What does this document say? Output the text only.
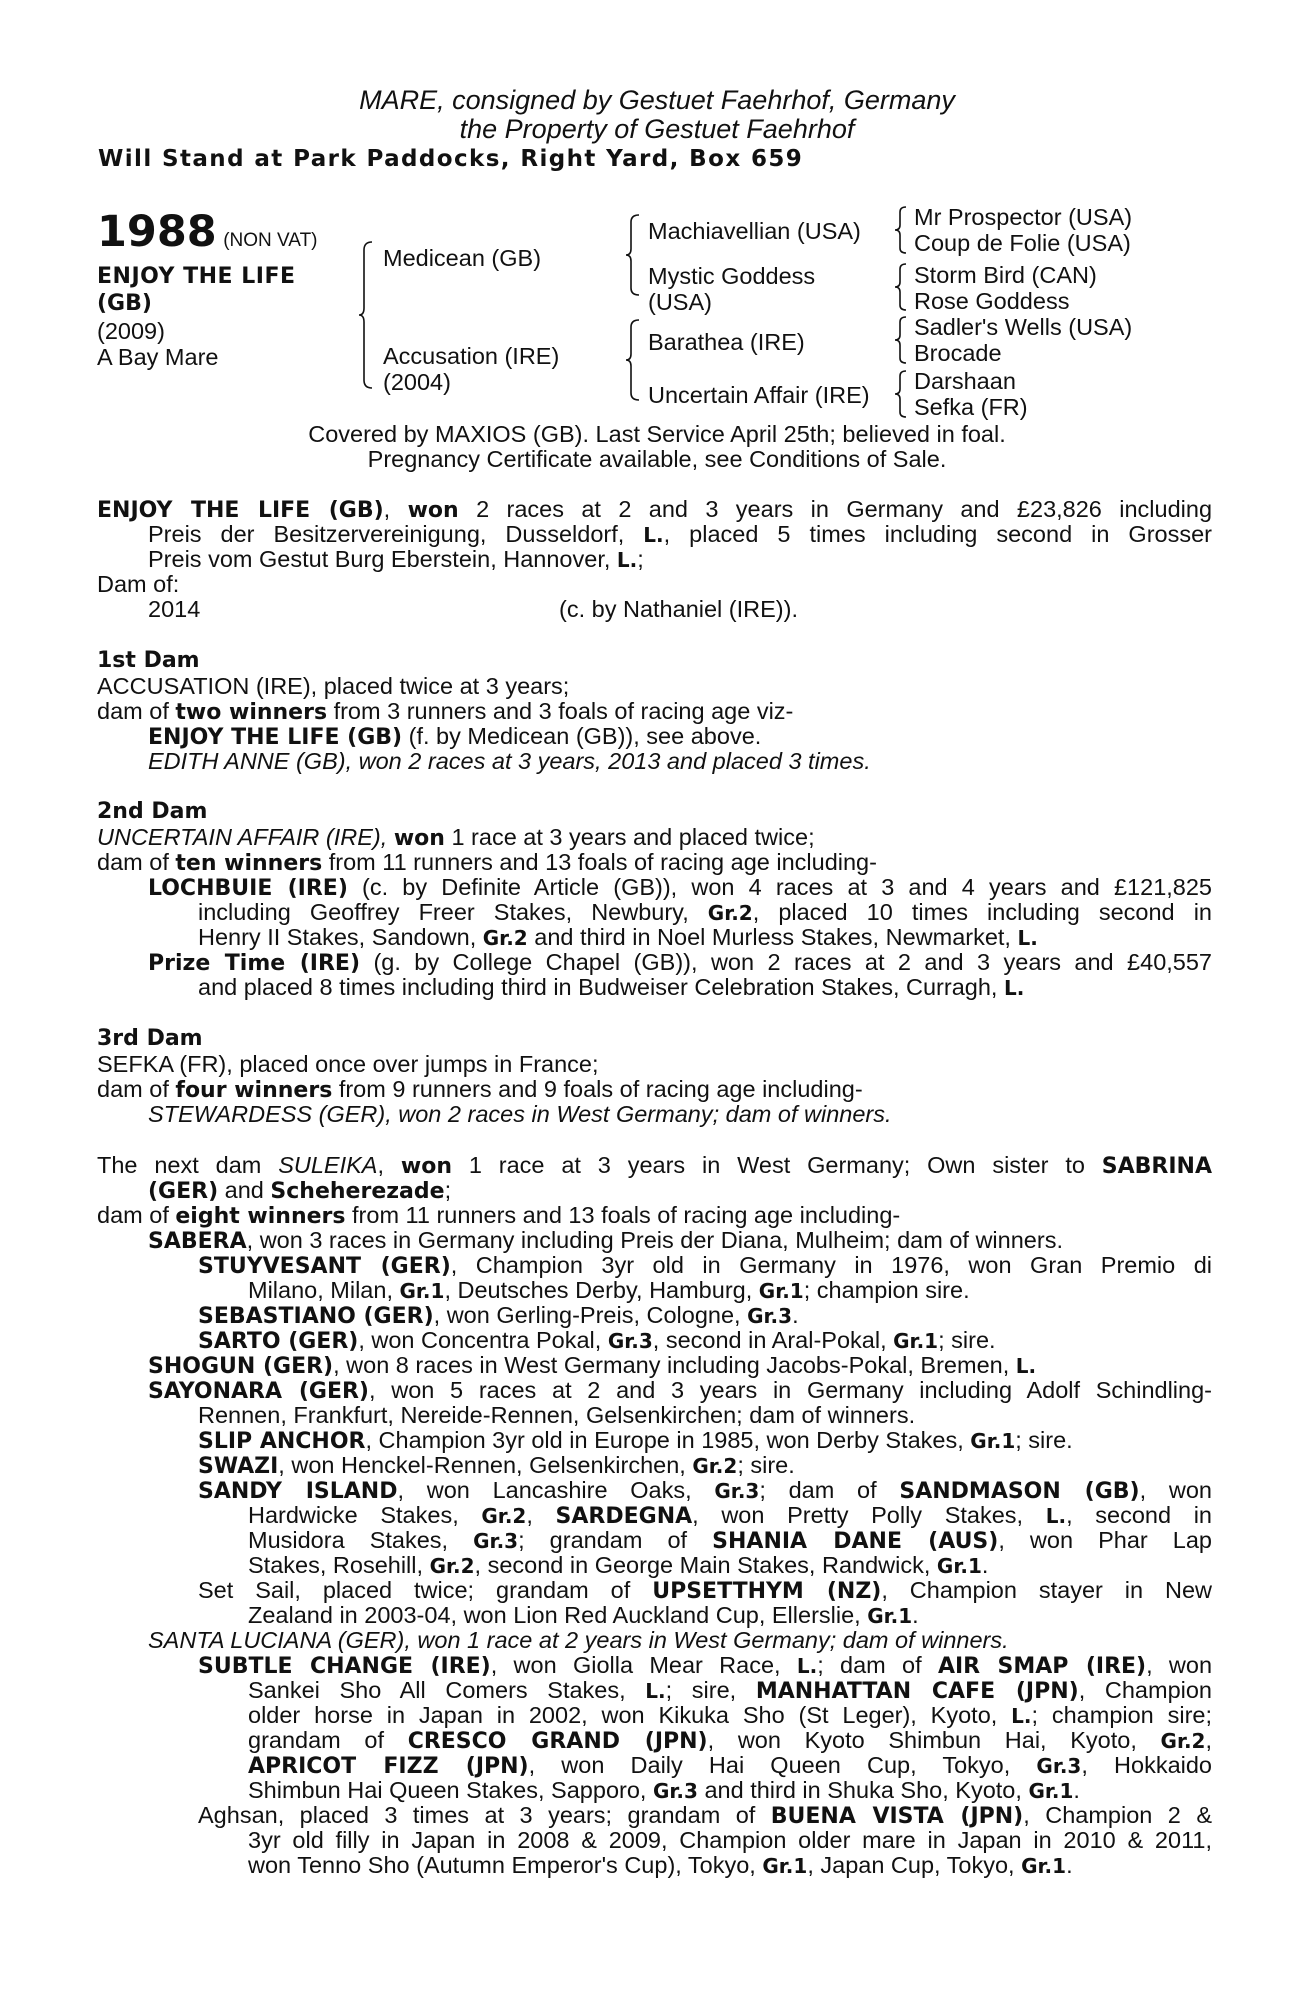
MARE, consigned by Gestuet Faehrhof, Germany
the Property of Gestuet Faehrhof
Will Stand at Park Paddocks, Right Yard, Box 659
1988 (NON VAT)
ENJOY THE LIFE
(GB)
(2009)
A Bay Mare
Medicean (GB)
Accusation (IRE)
(2004)
Machiavellian (USA)
Mystic Goddess
(USA)
Barathea (IRE)
Uncertain Affair (IRE)
Mr Prospector (USA)
Coup de Folie (USA)
Storm Bird (CAN)
Rose Goddess
Sadler's Wells (USA)
Brocade
Darshaan
Sefka (FR)
Covered by MAXIOS (GB). Last Service April 25th; believed in foal.
Pregnancy Certificate available, see Conditions of Sale.
ENJOY THE LIFE (GB), won 2 races at 2 and 3 years in Germany and £23,826 including
Preis der Besitzervereinigung, Dusseldorf, L., placed 5 times including second in Grosser
Preis vom Gestut Burg Eberstein, Hannover, L.;
Dam of:
2014	(c. by Nathaniel (IRE)).
1st Dam
ACCUSATION (IRE), placed twice at 3 years;
dam of two winners from 3 runners and 3 foals of racing age viz-
ENJOY THE LIFE (GB) (f. by Medicean (GB)), see above.
EDITH ANNE (GB), won 2 races at 3 years, 2013 and placed 3 times.
2nd Dam
UNCERTAIN AFFAIR (IRE), won 1 race at 3 years and placed twice;
dam of ten winners from 11 runners and 13 foals of racing age including-
LOCHBUIE (IRE) (c. by Definite Article (GB)), won 4 races at 3 and 4 years and £121,825
including Geoffrey Freer Stakes, Newbury, Gr.2, placed 10 times including second in
Henry II Stakes, Sandown, Gr.2 and third in Noel Murless Stakes, Newmarket, L.
Prize Time (IRE) (g. by College Chapel (GB)), won 2 races at 2 and 3 years and £40,557
and placed 8 times including third in Budweiser Celebration Stakes, Curragh, L.
3rd Dam
SEFKA (FR), placed once over jumps in France;
dam of four winners from 9 runners and 9 foals of racing age including-
STEWARDESS (GER), won 2 races in West Germany; dam of winners.
The next dam SULEIKA, won 1 race at 3 years in West Germany; Own sister to SABRINA
(GER) and Scheherezade;
dam of eight winners from 11 runners and 13 foals of racing age including-
SABERA, won 3 races in Germany including Preis der Diana, Mulheim; dam of winners.
STUYVESANT (GER), Champion 3yr old in Germany in 1976, won Gran Premio di
Milano, Milan, Gr.1, Deutsches Derby, Hamburg, Gr.1; champion sire.
SEBASTIANO (GER), won Gerling-Preis, Cologne, Gr.3.
SARTO (GER), won Concentra Pokal, Gr.3, second in Aral-Pokal, Gr.1; sire.
SHOGUN (GER), won 8 races in West Germany including Jacobs-Pokal, Bremen, L.
SAYONARA (GER), won 5 races at 2 and 3 years in Germany including Adolf Schindling-
Rennen, Frankfurt, Nereide-Rennen, Gelsenkirchen; dam of winners.
SLIP ANCHOR, Champion 3yr old in Europe in 1985, won Derby Stakes, Gr.1; sire.
SWAZI, won Henckel-Rennen, Gelsenkirchen, Gr.2; sire.
SANDY ISLAND, won Lancashire Oaks, Gr.3; dam of SANDMASON (GB), won
Hardwicke Stakes, Gr.2, SARDEGNA, won Pretty Polly Stakes, L., second in
Musidora Stakes, Gr.3; grandam of SHANIA DANE (AUS), won Phar Lap
Stakes, Rosehill, Gr.2, second in George Main Stakes, Randwick, Gr.1.
Set Sail, placed twice; grandam of UPSETTHYM (NZ), Champion stayer in New
Zealand in 2003-04, won Lion Red Auckland Cup, Ellerslie, Gr.1.
SANTA LUCIANA (GER), won 1 race at 2 years in West Germany; dam of winners.
SUBTLE CHANGE (IRE), won Giolla Mear Race, L.; dam of AIR SMAP (IRE), won
Sankei Sho All Comers Stakes, L.; sire, MANHATTAN CAFE (JPN), Champion
older horse in Japan in 2002, won Kikuka Sho (St Leger), Kyoto, L.; champion sire;
grandam of CRESCO GRAND (JPN), won Kyoto Shimbun Hai, Kyoto, Gr.2,
APRICOT FIZZ (JPN), won Daily Hai Queen Cup, Tokyo, Gr.3, Hokkaido
Shimbun Hai Queen Stakes, Sapporo, Gr.3 and third in Shuka Sho, Kyoto, Gr.1.
Aghsan, placed 3 times at 3 years; grandam of BUENA VISTA (JPN), Champion 2 &
3yr old filly in Japan in 2008 & 2009, Champion older mare in Japan in 2010 & 2011,
won Tenno Sho (Autumn Emperor's Cup), Tokyo, Gr.1, Japan Cup, Tokyo, Gr.1.
